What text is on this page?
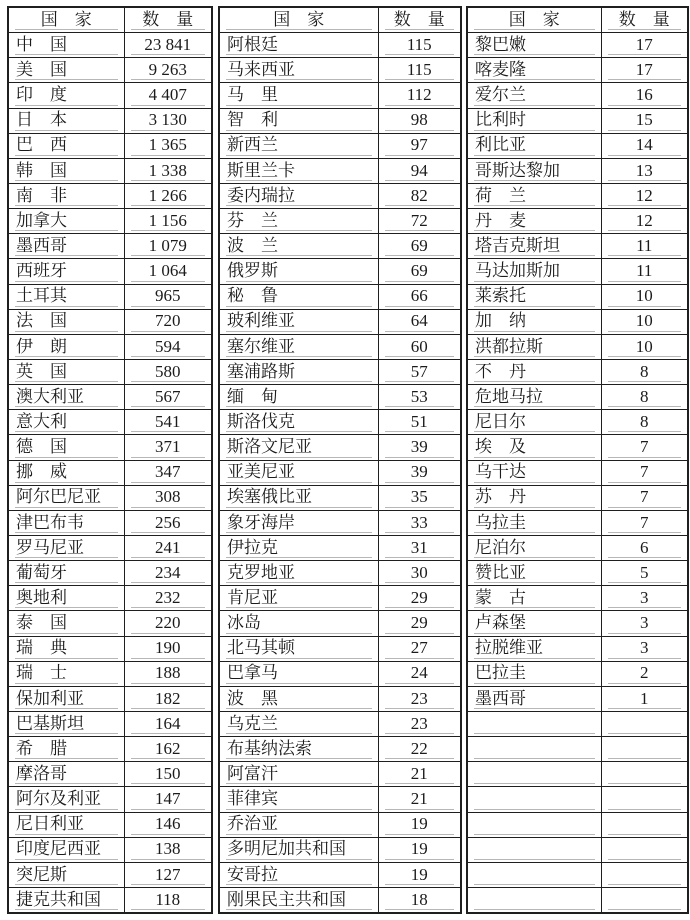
国　家	数　量
中　国	23 841
美　国	9 263
印　度	4 407
日　本	3 130
巴　西	1 365
韩　国	1 338
南　非	1 266
加拿大	1 156
墨西哥	1 079
西班牙	1 064
土耳其	965
法　国	720
伊　朗	594
英　国	580
澳大利亚	567
意大利	541
德　国	371
挪　威	347
阿尔巴尼亚	308
津巴布韦	256
罗马尼亚	241
葡萄牙	234
奥地利	232
泰　国	220
瑞　典	190
瑞　士	188
保加利亚	182
巴基斯坦	164
希　腊	162
摩洛哥	150
阿尔及利亚	147
尼日利亚	146
印度尼西亚	138
突尼斯	127
捷克共和国	118
国　家	数　量
阿根廷	115
马来西亚	115
马　里	112
智　利	98
新西兰	97
斯里兰卡	94
委内瑞拉	82
芬　兰	72
波　兰	69
俄罗斯	69
秘　鲁	66
玻利维亚	64
塞尔维亚	60
塞浦路斯	57
缅　甸	53
斯洛伐克	51
斯洛文尼亚	39
亚美尼亚	39
埃塞俄比亚	35
象牙海岸	33
伊拉克	31
克罗地亚	30
肯尼亚	29
冰岛	29
北马其顿	27
巴拿马	24
波　黑	23
乌克兰	23
布基纳法索	22
阿富汗	21
菲律宾	21
乔治亚	19
多明尼加共和国	19
安哥拉	19
刚果民主共和国	18
国　家	数　量
黎巴嫩	17
喀麦隆	17
爱尔兰	16
比利时	15
利比亚	14
哥斯达黎加	13
荷　兰	12
丹　麦	12
塔吉克斯坦	11
马达加斯加	11
莱索托	10
加　纳	10
洪都拉斯	10
不　丹	8
危地马拉	8
尼日尔	8
埃　及	7
乌干达	7
苏　丹	7
乌拉圭	7
尼泊尔	6
赞比亚	5
蒙　古	3
卢森堡	3
拉脱维亚	3
巴拉圭	2
墨西哥	1
